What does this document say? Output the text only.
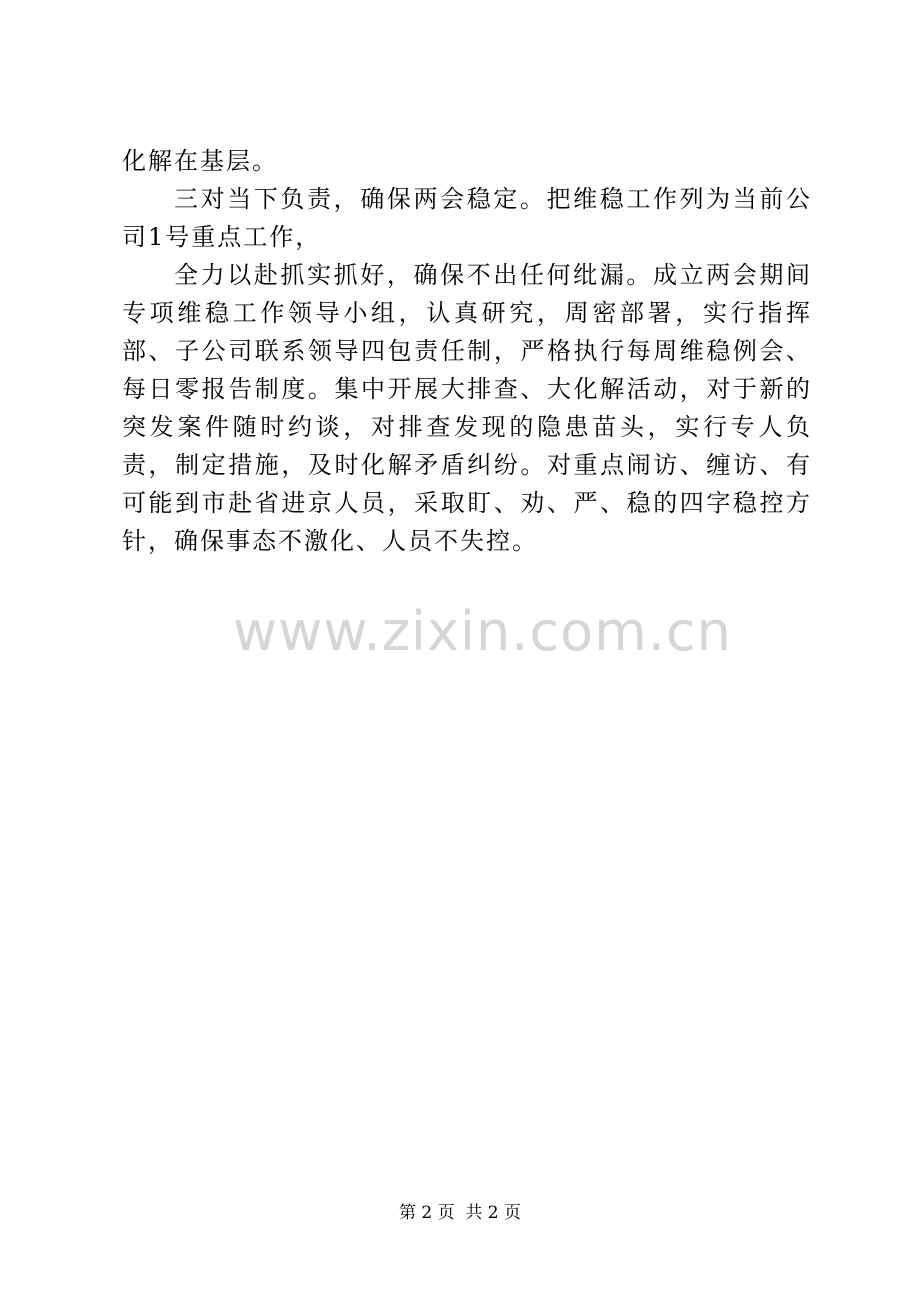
化解在基层。

三对当下负责，确保两会稳定。把维稳工作列为当前公司1号重点工作，

全力以赴抓实抓好，确保不出任何纰漏。成立两会期间专项维稳工作领导小组，认真研究，周密部署，实行指挥部、子公司联系领导四包责任制，严格执行每周维稳例会、每日零报告制度。集中开展大排查、大化解活动，对于新的突发案件随时约谈，对排查发现的隐患苗头，实行专人负责，制定措施，及时化解矛盾纠纷。对重点闹访、缠访、有可能到市赴省进京人员，采取盯、劝、严、稳的四字稳控方针，确保事态不激化、人员不失控。

www.zixin.com.cn
第 2 页  共 2 页
